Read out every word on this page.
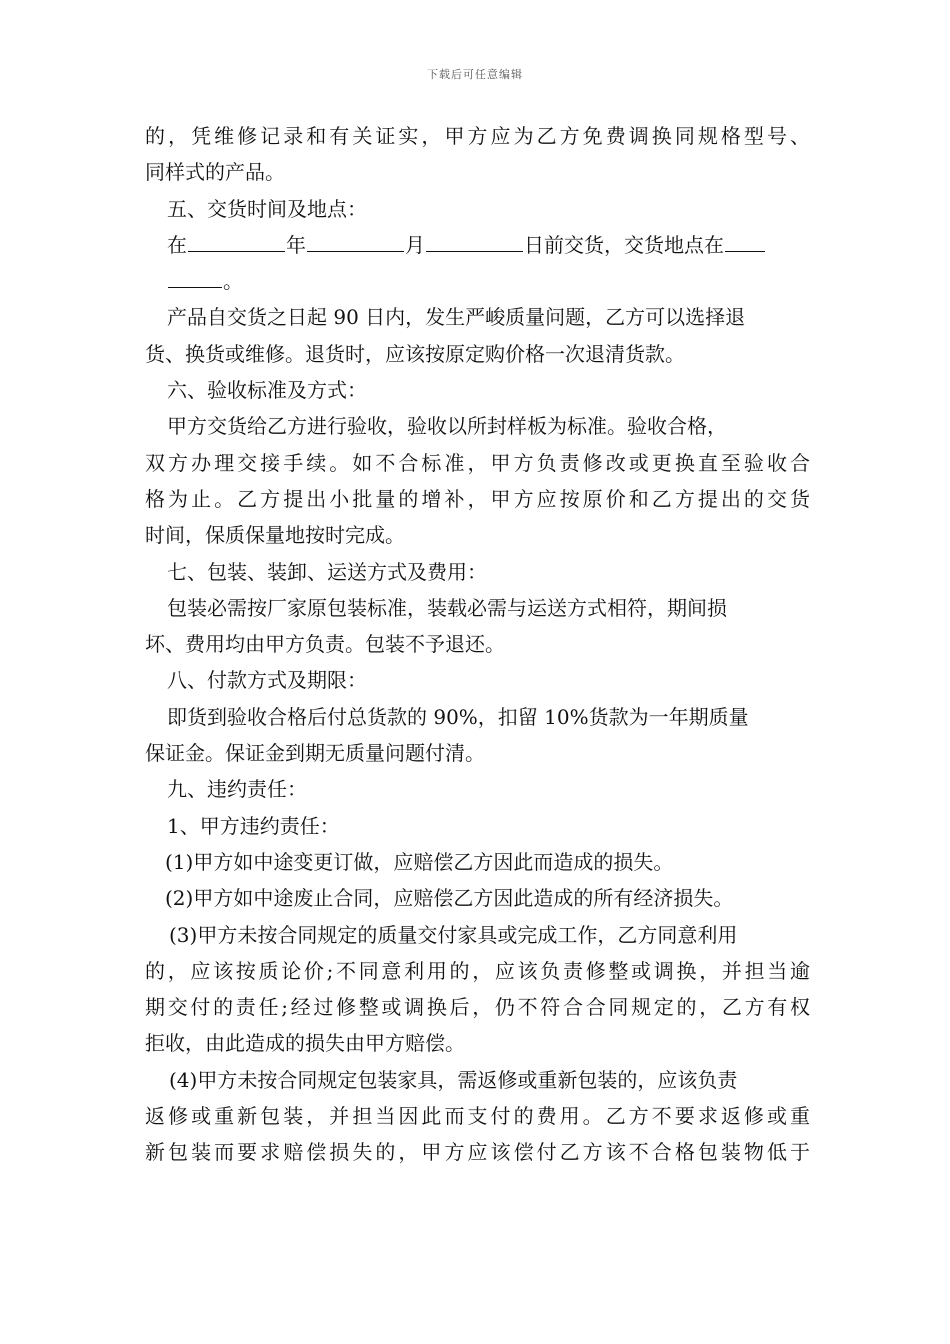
下载后可任意编辑
的，凭维修记录和有关证实，甲方应为乙方免费调换同规格型号、
同样式的产品。
五、交货时间及地点：
在	年	月	日前交货，交货地点在
。
产品自交货之日起 90 日内，发生严峻质量问题，乙方可以选择退
货、换货或维修。退货时，应该按原定购价格一次退清货款。
六、验收标准及方式：
甲方交货给乙方进行验收，验收以所封样板为标准。验收合格，
双方办理交接手续。如不合标准，甲方负责修改或更换直至验收合
格为止。乙方提出小批量的增补，甲方应按原价和乙方提出的交货
时间，保质保量地按时完成。
七、包装、装卸、运送方式及费用：
包装必需按厂家原包装标准，装载必需与运送方式相符，期间损
坏、费用均由甲方负责。包装不予退还。
八、付款方式及期限：
即货到验收合格后付总货款的 90%，扣留 10%货款为一年期质量
保证金。保证金到期无质量问题付清。
九、违约责任：
1、甲方违约责任：
(1)甲方如中途变更订做，应赔偿乙方因此而造成的损失。
(2)甲方如中途废止合同，应赔偿乙方因此造成的所有经济损失。
(3)甲方未按合同规定的质量交付家具或完成工作，乙方同意利用
的，应该按质论价;不同意利用的，应该负责修整或调换，并担当逾
期交付的责任;经过修整或调换后，仍不符合合同规定的，乙方有权
拒收，由此造成的损失由甲方赔偿。
(4)甲方未按合同规定包装家具，需返修或重新包装的，应该负责
返修或重新包装，并担当因此而支付的费用。乙方不要求返修或重
新包装而要求赔偿损失的，甲方应该偿付乙方该不合格包装物低于
